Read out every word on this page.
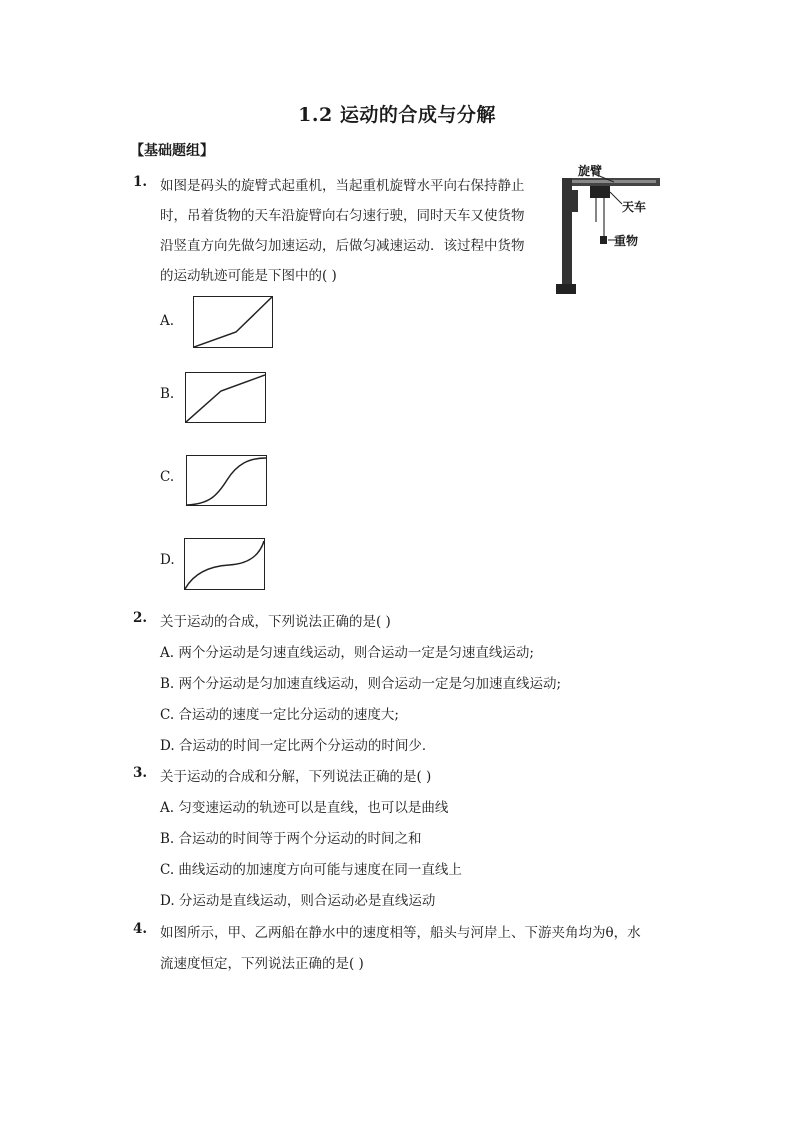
1.2 运动的合成与分解
【基础题组】
1. 如图是码头的旋臂式起重机，当起重机旋臂水平向右保持静止
时，吊着货物的天车沿旋臂向右匀速行驶，同时天车又使货物
沿竖直方向先做匀加速运动，后做匀减速运动．该过程中货物
的运动轨迹可能是下图中的( )
旋臂
天车
重物
A.
B.
C.
D.
2. 关于运动的合成，下列说法正确的是( )
A. 两个分运动是匀速直线运动，则合运动一定是匀速直线运动;
B. 两个分运动是匀加速直线运动，则合运动一定是匀加速直线运动;
C. 合运动的速度一定比分运动的速度大;
D. 合运动的时间一定比两个分运动的时间少．
3. 关于运动的合成和分解，下列说法正确的是( )
A. 匀变速运动的轨迹可以是直线，也可以是曲线
B. 合运动的时间等于两个分运动的时间之和
C. 曲线运动的加速度方向可能与速度在同一直线上
D. 分运动是直线运动，则合运动必是直线运动
4. 如图所示，甲、乙两船在静水中的速度相等，船头与河岸上、下游夹角均为θ，水
流速度恒定，下列说法正确的是( )
